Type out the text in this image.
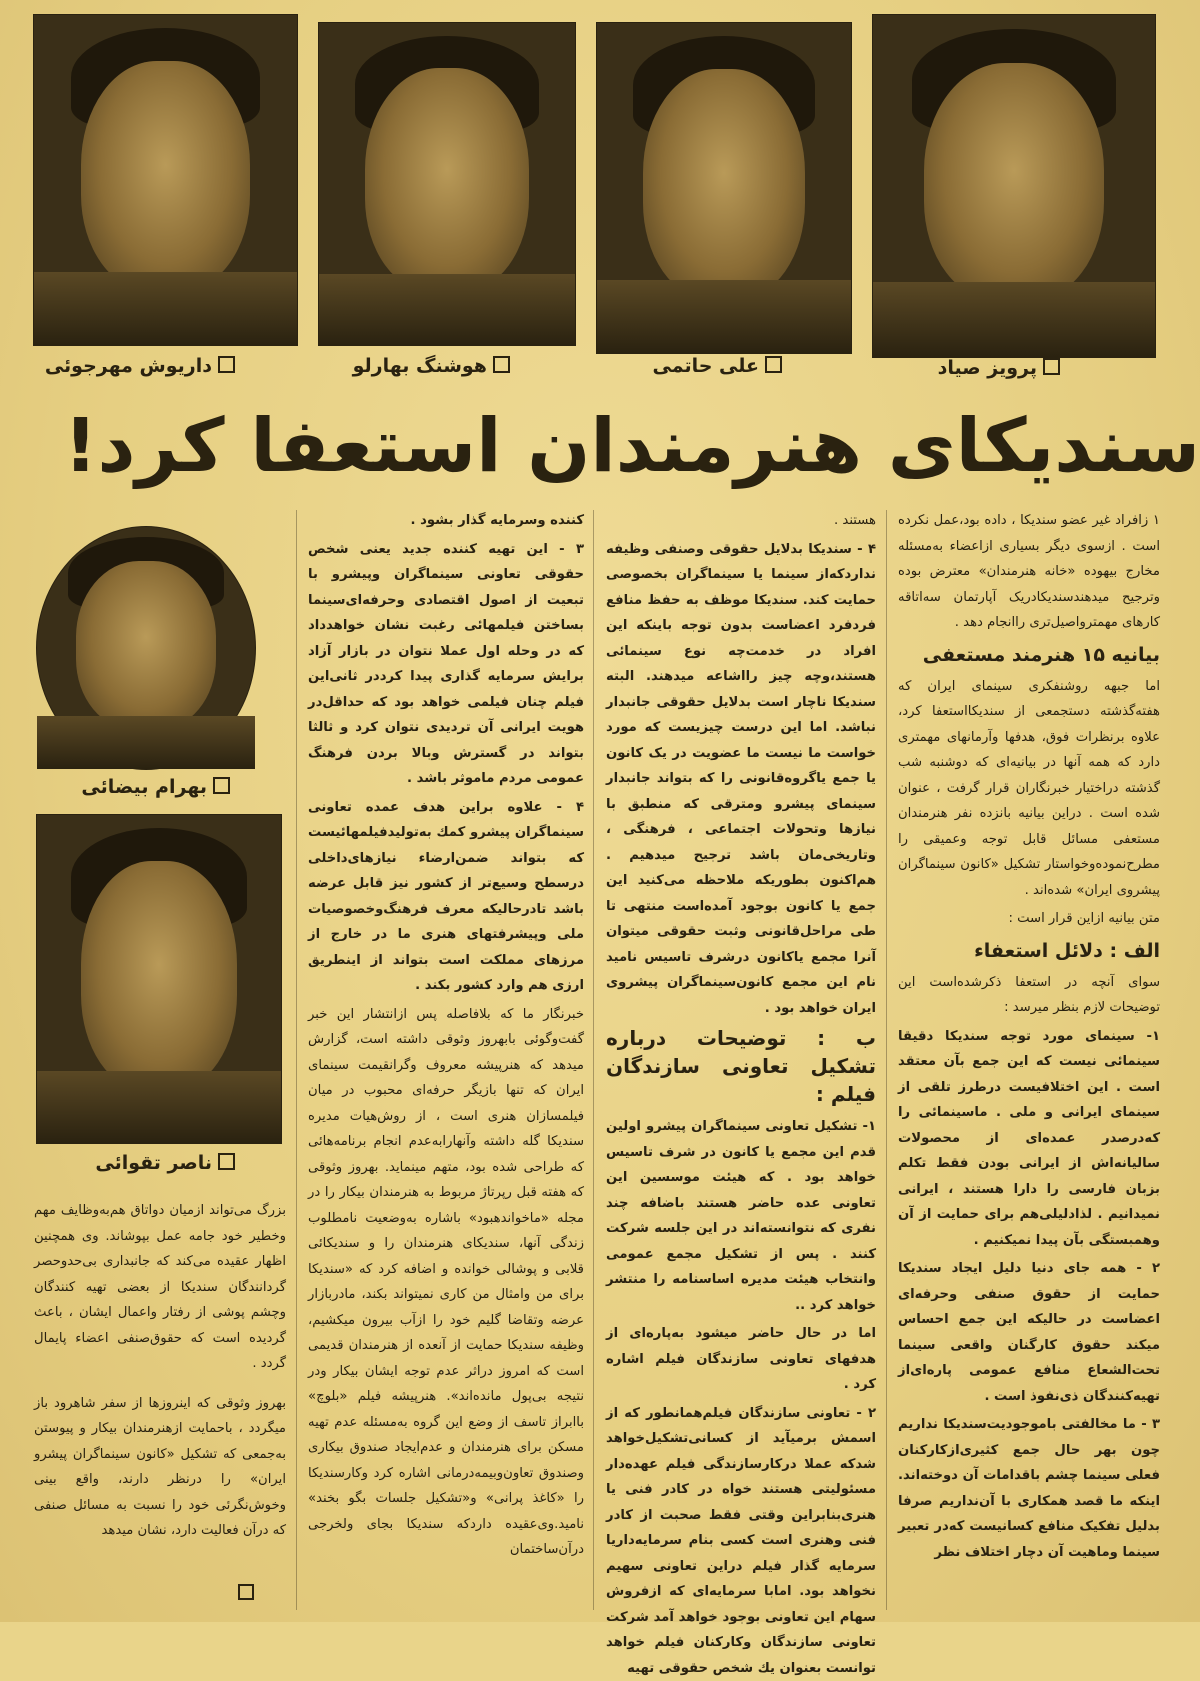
داریوش مهرجوئی	هوشنگ بهارلو	علی حاتمی	پرویز صیاد
سندیکای هنرمندان استعفا کرد!
بهرام بیضائی
ناصر تقوائی

۱ زافراد غیر عضو سندیکا ، داده بود،عمل نکرده است . ازسوی دیگر بسیاری ازاعضاء به‌مسئله مخارج بیهوده «خانه هنرمندان» معترض بوده وترجیح میدهندسندیکادریک آپارتمان سه‌اتاقه کارهای مهمترواصیل‌تری راانجام دهد .

بیانیه ۱۵ هنرمند مستعفی

اما جبهه روشنفکری سینمای ایران که هفته‌گذشته دستجمعی از سندیکااستعفا کرد، علاوه برنظرات فوق، هدفها وآرمانهای مهمتری دارد که همه آنها در بیانیه‌ای که دوشنبه شب گذشته دراختیار خبرنگاران قرار گرفت ، عنوان شده است . دراین بیانیه بانزده نفر هنرمندان مستعفی مسائل قابل توجه وعمیقی را مطرح‌نموده‌وخواستار تشکیل «کانون سینماگران پیشروی ایران» شده‌اند .

متن بیانیه ازاین قرار است :

الف : دلائل استعفاء

سوای آنچه در استعفا ذکرشده‌است این توضیحات لازم بنظر میرسد :

۱- سینمای مورد توجه سندیکا دقیقا سینمائی نیست که این جمع بآن معتقد است . این اختلافیست درطرز تلقی از سینمای ایرانی و ملی . ماسینمائی را که‌درصدر عمده‌ای از محصولات سالیانه‌اش از ایرانی بودن فقط تکلم بزبان فارسی را دارا هستند ، ایرانی نمیدانیم . لذادلیلی‌هم برای حمایت از آن وهمبستگی بآن پیدا نمیکنیم .

۲ - همه جای دنیا دلیل ایجاد سندیکا حمایت از حقوق صنفی وحرفه‌ای اعضاست در حالیکه این جمع احساس میکند حقوق کارگنان واقعی سینما تحت‌الشعاع منافع عمومی پاره‌ای‌از تهیه‌کنندگان ذی‌نفوذ است .

۳ - ما مخالفتی باموجودیت‌سندیکا نداریم چون بهر حال جمع کثیری‌ازکارکنان فعلی سینما چشم باقدامات آن دوخته‌اند. اینکه ما قصد همکاری با آن‌نداریم صرفا بدلیل تفکیک منافع کسانیست که‌در تعبیر سینما وماهیت آن دچار اختلاف نظر

هستند .

۴ - سندیکا بدلایل حقوقی وصنفی وظیفه نداردکه‌از سینما یا سینماگران بخصوصی حمایت کند. سندیکا موظف به حفظ منافع فردفرد اعضاست بدون توجه باینکه این افراد در خدمت‌چه نوع سینمائی هستند،وچه چیز رااشاعه میدهند. البته سندیکا ناچار است بدلایل حقوقی جانبدار نباشد. اما این درست چیزیست که مورد خواست ما نیست ما عضویت در یک کانون یا جمع یاگروه‌قانونی را که بتواند جانبدار سینمای پیشرو ومترقی که منطبق با نیازها وتحولات اجتماعی ، فرهنگی ، وتاریخی‌مان باشد ترجیح میدهیم . هم‌اکنون بطوریکه ملاحظه می‌کنید این جمع یا کانون بوجود آمده‌است منتهی تا طی مراحل‌قانونی وثبت حقوقی میتوان آنرا مجمع یاکانون درشرف تاسیس نامید نام این مجمع کانون‌سینماگران پیشروی ایران خواهد بود .

ب : توضیحات درباره تشکیل تعاونی سازندگان فیلم :

۱- تشکیل تعاونی سینماگران پیشرو اولین قدم این مجمع یا کانون در شرف تاسیس خواهد بود . که هیئت موسسین این تعاونی عده حاضر هستند باضافه چند نفری که نتوانسته‌اند در این جلسه شرکت کنند . پس از تشکیل مجمع عمومی وانتخاب هیئت مدیره اساسنامه را منتشر خواهد کرد ..

اما در حال حاضر میشود به‌پاره‌ای از هدفهای تعاونی سازندگان فیلم اشاره کرد .

۲ - تعاونی سازندگان فیلم‌همانطور که از اسمش برمیآید از کسانی‌تشکیل‌خواهد شدکه عملا درکارسازندگی فیلم عهده‌دار مسئولیتی هستند خواه در کادر فنی یا هنری‌بنابراین وقتی فقط صحبت از کادر فنی وهنری است کسی بنام سرمایه‌داریا سرمایه گذار فیلم دراین تعاونی سهیم نخواهد بود. امابا سرمایه‌ای که ازفروش سهام این تعاونی بوجود خواهد آمد شرکت تعاونی سازندگان وکارکنان فیلم خواهد توانست بعنوان یك شخص حقوقی تهیه

کننده وسرمایه گذار بشود .

۳ - این تهیه کننده جدید یعنی شخص حقوقی تعاونی سینماگران وپیشرو با تبعیت از اصول اقتصادی وحرفه‌ای‌سینما بساختن فیلمهائی رغبت نشان خواهدداد که در وحله اول عملا نتوان در بازار آزاد برایش سرمایه گذاری پیدا کرددر ثانی‌این فیلم چنان فیلمی خواهد بود که حداقل‌در هویت ایرانی آن تردیدی نتوان کرد و ثالثا بتواند در گسترش وبالا بردن فرهنگ عمومی مردم ماموثر باشد .

۴ - علاوه براین هدف عمده تعاونی سینماگران پیشرو کمك به‌تولیدفیلمهائیست که بتواند ضمن‌ارضاء نیازهای‌داخلی درسطح وسیع‌تر از کشور نیز قابل عرضه باشد تادرحالیکه معرف فرهنگ‌وخصوصیات ملی وپیشرفتهای هنری ما در خارج از مرزهای مملکت است بتواند از اینطریق ارزی هم وارد کشور بکند .

خبرنگار ما که بلافاصله پس ازانتشار این خبر گفت‌وگوئی بابهروز وثوقی داشته است، گزارش میدهد که هنرپیشه معروف وگرانقیمت سینمای ایران که تنها بازیگر حرفه‌ای محبوب در میان فیلمسازان هنری است ، از روش‌هیات مدیره سندیکا گله داشته وآنهارابه‌عدم انجام برنامه‌هائی که طراحی شده بود، متهم مینماید. بهروز وثوقی که هفته قبل رپرتاژ مربوط به هنرمندان بیکار را در مجله «ماخواندهبود» باشاره به‌وضعیت نامطلوب زندگی آنها، سندیکای هنرمندان را و سندیکائی قلابی و پوشالی خوانده و اضافه کرد که «سندیکا برای من وامثال من کاری نمیتواند بکند، مادربازار عرضه وتقاضا گلیم خود را ازآب بیرون میکشیم، وظیفه سندیکا حمایت از آنعده از هنرمندان قدیمی است که امروز دراثر عدم توجه ایشان بیکار ودر نتیجه بی‌پول مانده‌اند». هنرپیشه فیلم «بلوچ» باابراز تاسف از وضع این گروه به‌مسئله عدم تهیه مسکن برای هنرمندان و عدم‌ایجاد صندوق بیکاری وصندوق تعاون‌وبیمه‌درمانی اشاره کرد وکارسندیکا را «کاغذ پرانی» و«تشکیل جلسات بگو بخند» نامید.وی‌عقیده داردکه سندیکا بجای ولخرجی درآن‌ساختمان

بزرگ می‌تواند ازمیان دواتاق هم‌به‌وظایف مهم وخطیر خود جامه عمل بپوشاند. وی همچنین اظهار عقیده می‌کند که جانبداری بی‌حدوحصر گردانندگان سندیکا از بعضی تهیه کنندگان وچشم پوشی از رفتار واعمال ایشان ، باعث گردیده است که حقوق‌صنفی اعضاء پایمال گردد .

بهروز وثوقی که اینروزها از سفر شاهرود باز میگردد ، باحمایت ازهنرمندان بیکار و پیوستن به‌جمعی که تشکیل «کانون سینماگران پیشرو ایران» را درنظر دارند، واقع بینی وخوش‌نگرئی خود را نسبت به مسائل صنفی که درآن فعالیت دارد، نشان میدهد
